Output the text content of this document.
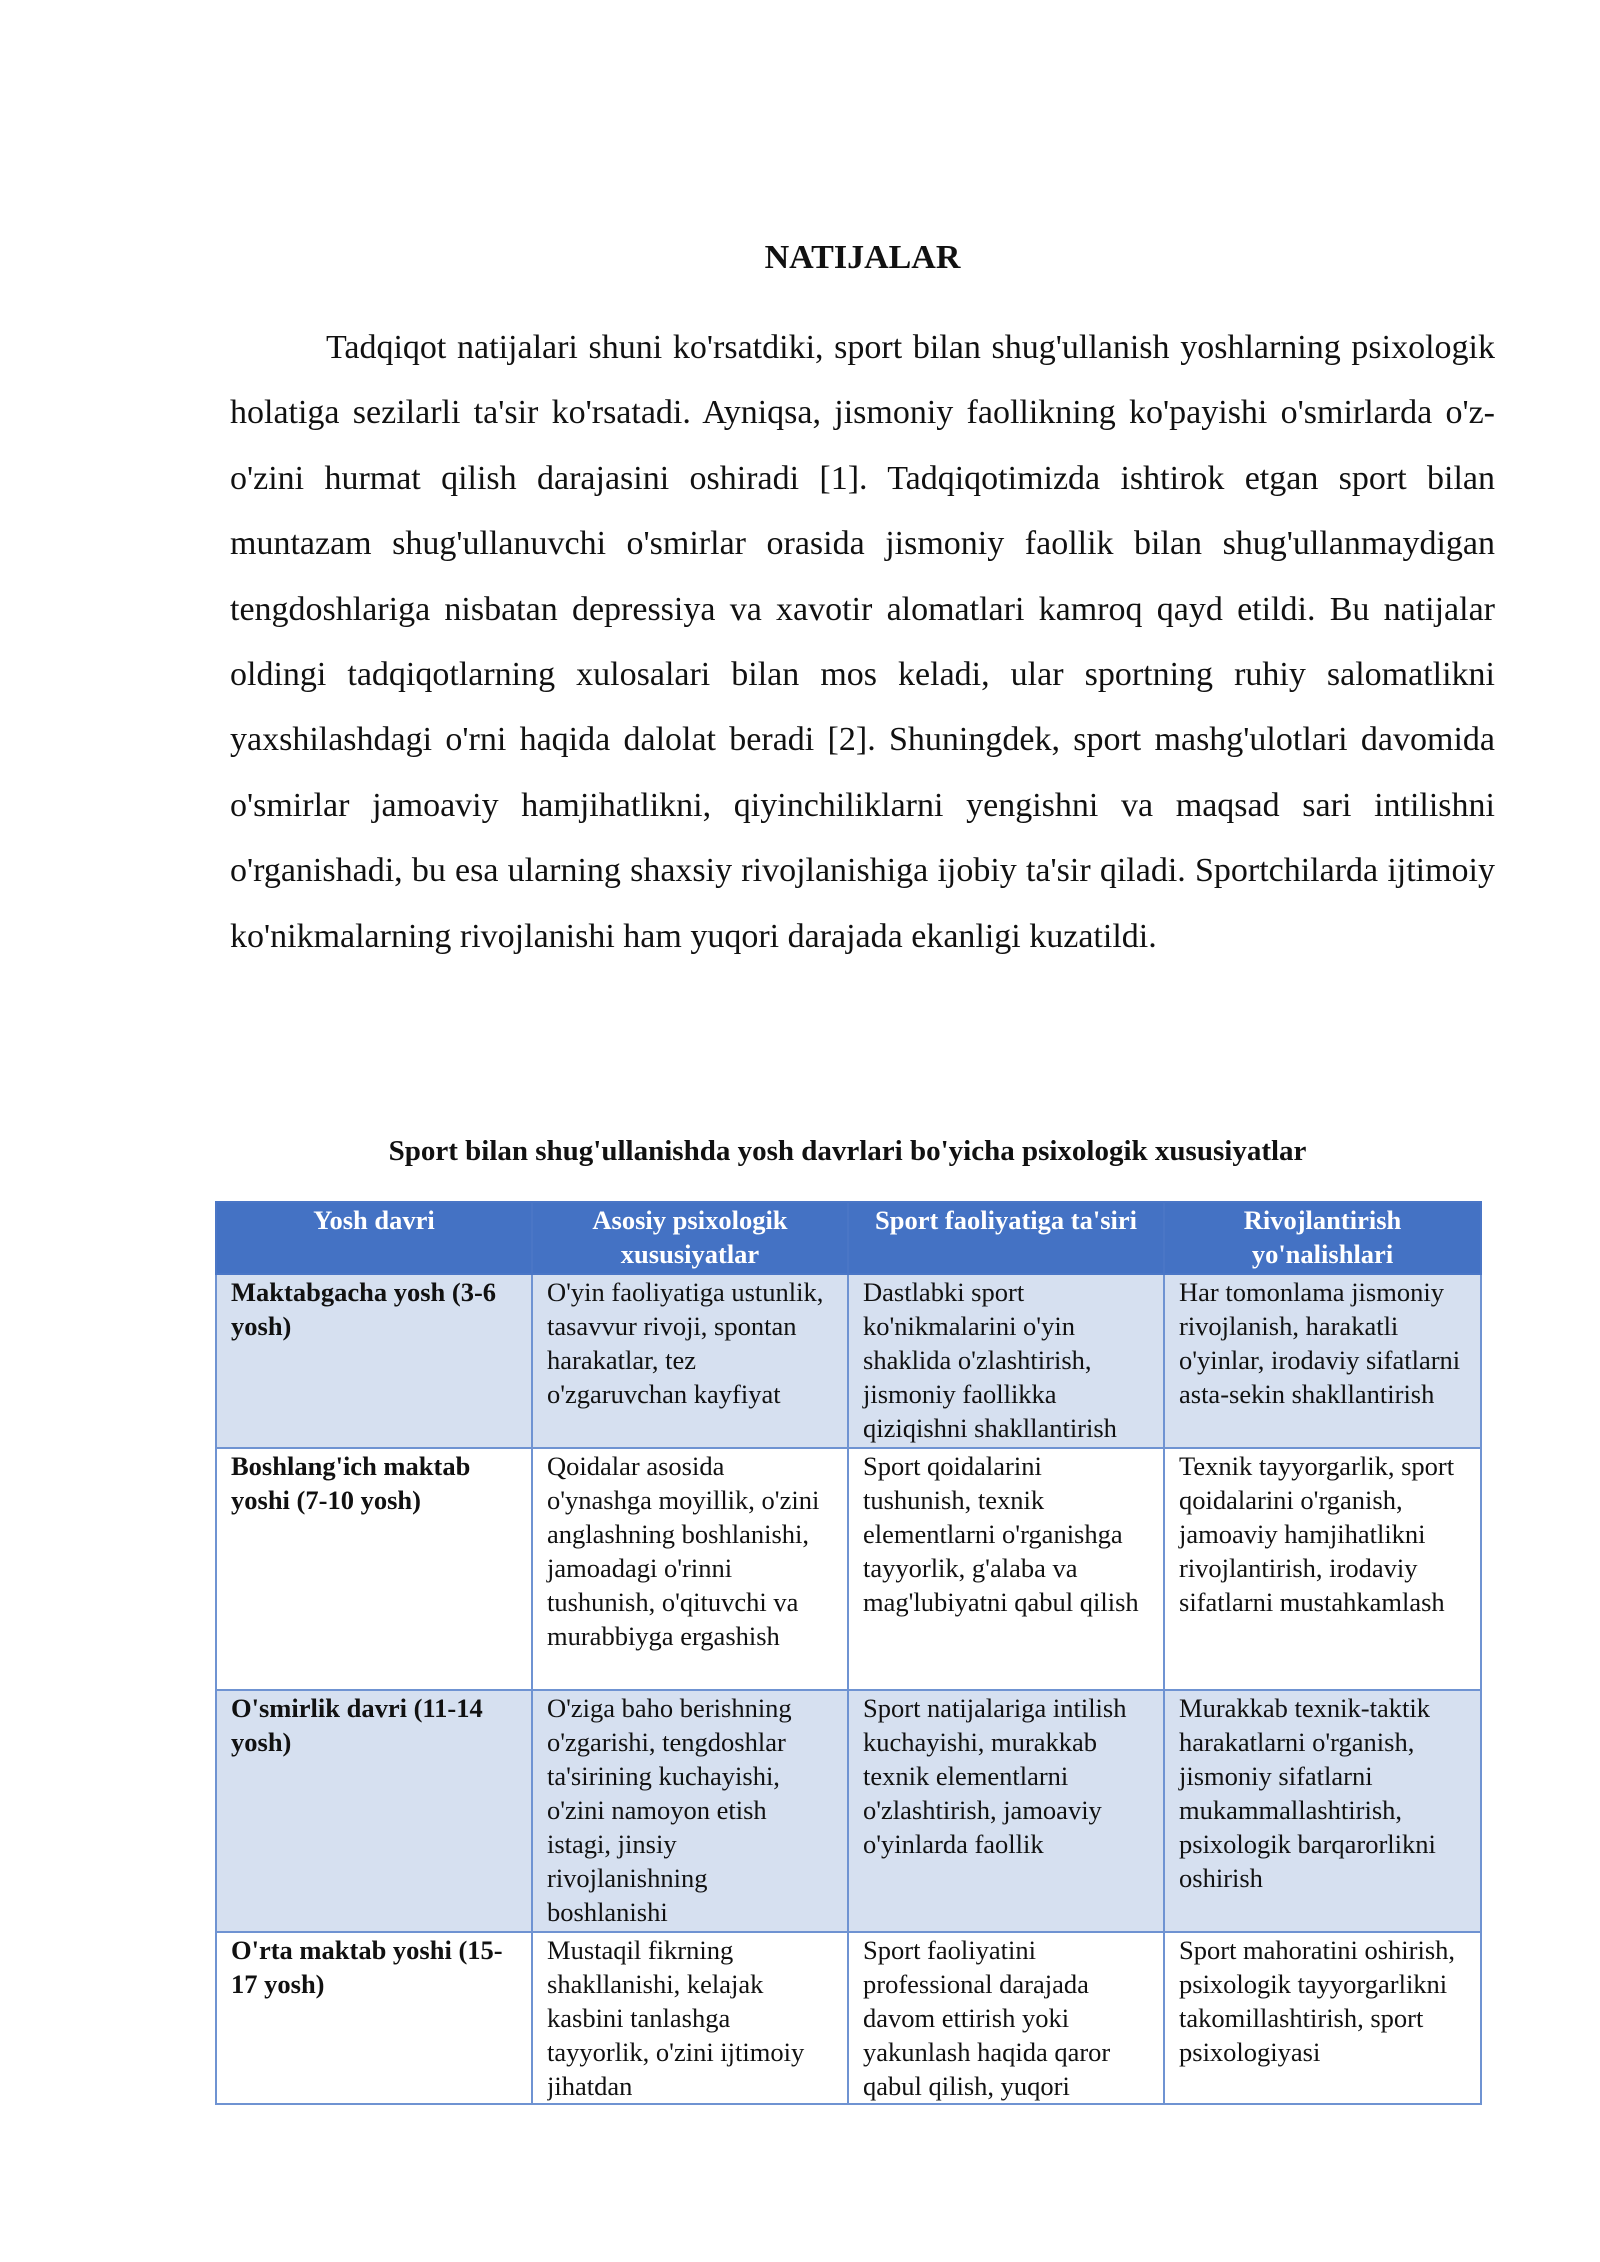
NATIJALAR

Tadqiqot natijalari shuni ko'rsatdiki, sport bilan shug'ullanish yoshlarning psixologik holatiga sezilarli ta'sir ko'rsatadi. Ayniqsa, jismoniy faollikning ko'payishi o'smirlarda o'z-o'zini hurmat qilish darajasini oshiradi [1]. Tadqiqotimizda ishtirok etgan sport bilan muntazam shug'ullanuvchi o'smirlar orasida jismoniy faollik bilan shug'ullanmaydigan tengdoshlariga nisbatan depressiya va xavotir alomatlari kamroq qayd etildi. Bu natijalar oldingi tadqiqotlarning xulosalari bilan mos keladi, ular sportning ruhiy salomatlikni yaxshilashdagi o'rni haqida dalolat beradi [2]. Shuningdek, sport mashg'ulotlari davomida o'smirlar jamoaviy hamjihatlikni, qiyinchiliklarni yengishni va maqsad sari intilishni o'rganishadi, bu esa ularning shaxsiy rivojlanishiga ijobiy ta'sir qiladi. Sportchilarda ijtimoiy ko'nikmalarning rivojlanishi ham yuqori darajada ekanligi kuzatildi.

Sport bilan shug'ullanishda yosh davrlari bo'yicha psixologik xususiyatlar

Yosh davri	Asosiy psixologik xususiyatlar	Sport faoliyatiga ta'siri	Rivojlantirish yo'nalishlari
Maktabgacha yosh (3-6 yosh)	O'yin faoliyatiga ustunlik, tasavvur rivoji, spontan harakatlar, tez o'zgaruvchan kayfiyat	Dastlabki sport ko'nikmalarini o'yin shaklida o'zlashtirish, jismoniy faollikka qiziqishni shakllantirish	Har tomonlama jismoniy rivojlanish, harakatli o'yinlar, irodaviy sifatlarni asta-sekin shakllantirish
Boshlang'ich maktab yoshi (7-10 yosh)	Qoidalar asosida o'ynashga moyillik, o'zini anglashning boshlanishi, jamoadagi o'rinni tushunish, o'qituvchi va murabbiyga ergashish	Sport qoidalarini tushunish, texnik elementlarni o'rganishga tayyorlik, g'alaba va mag'lubiyatni qabul qilish	Texnik tayyorgarlik, sport qoidalarini o'rganish, jamoaviy hamjihatlikni rivojlantirish, irodaviy sifatlarni mustahkamlash
O'smirlik davri (11-14 yosh)	O'ziga baho berishning o'zgarishi, tengdoshlar ta'sirining kuchayishi, o'zini namoyon etish istagi, jinsiy rivojlanishning boshlanishi	Sport natijalariga intilish kuchayishi, murakkab texnik elementlarni o'zlashtirish, jamoaviy o'yinlarda faollik	Murakkab texnik-taktik harakatlarni o'rganish, jismoniy sifatlarni mukammallashtirish, psixologik barqarorlikni oshirish

O'rta maktab yoshi (15-17 yosh)	Mustaqil fikrning shakllanishi, kelajak kasbini tanlashga tayyorlik, o'zini ijtimoiy jihatdan	Sport faoliyatini professional darajada davom ettirish yoki yakunlash haqida qaror qabul qilish, yuqori	Sport mahoratini oshirish, psixologik tayyorgarlikni takomillashtirish, sport psixologiyasi
